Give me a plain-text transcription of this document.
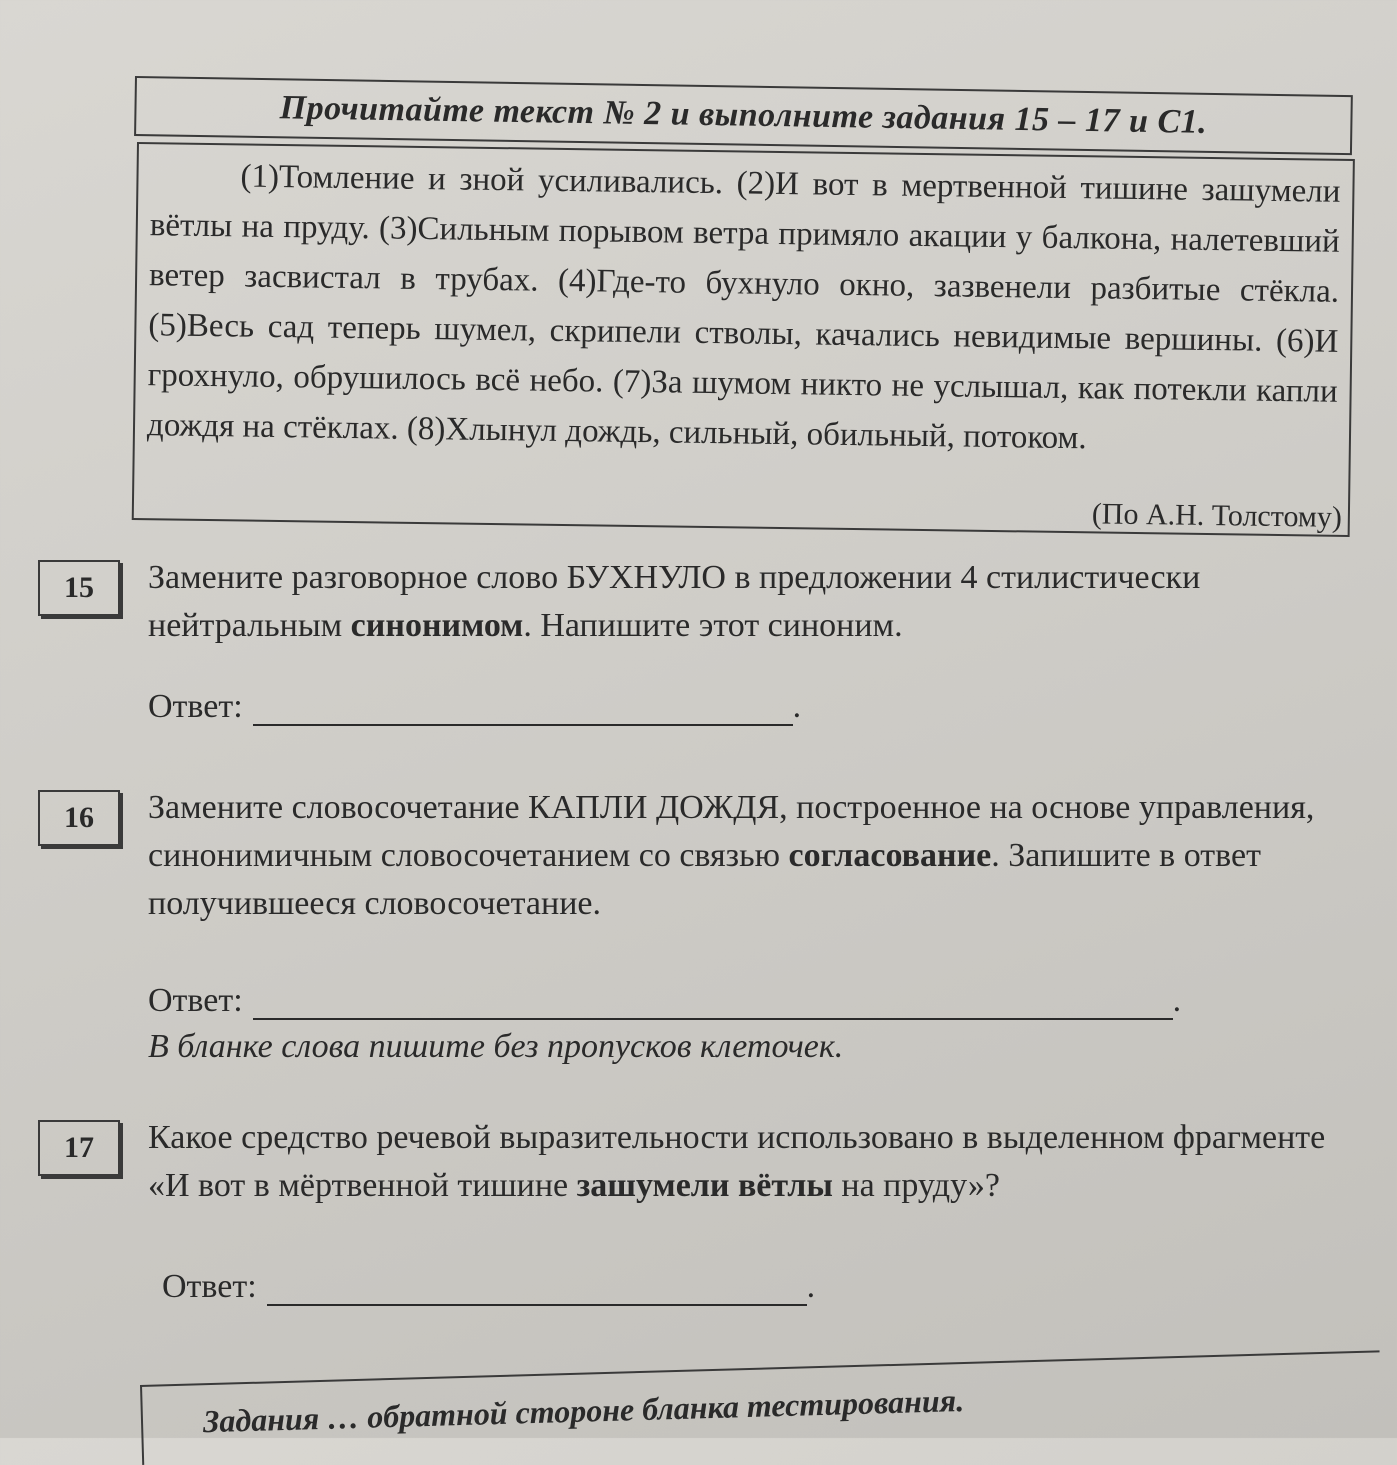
Прочитайте текст № 2 и выполните задания 15 – 17 и С1.

(1)Томление и зной усиливались. (2)И вот в мертвенной тишине зашумели вётлы на пруду. (3)Сильным порывом ветра примяло акации у балкона, налетевший ветер засвистал в трубах. (4)Где-то бухнуло окно, зазвенели разбитые стёкла. (5)Весь сад теперь шумел, скрипели стволы, качались невидимые вершины. (6)И грохнуло, обрушилось всё небо. (7)За шумом никто не услышал, как потекли капли дождя на стёклах. (8)Хлынул дождь, сильный, обильный, потоком.

(По А.Н. Толстому)
15	Замените разговорное слово БУХНУЛО в предложении 4 стилистически нейтральным синонимом. Напишите этот синоним.

Ответ:	.
16	Замените словосочетание КАПЛИ ДОЖДЯ, построенное на основе управления, синонимичным словосочетанием со связью согласование. Запишите в ответ получившееся словосочетание.

Ответ:	.
В бланке слова пишите без пропусков клеточек.
17	Какое средство речевой выразительности использовано в выделенном фрагменте «И вот в мёртвенной тишине зашумели вётлы на пруду»?

Ответ:	.
Задания … обратной стороне бланка тестирования.
